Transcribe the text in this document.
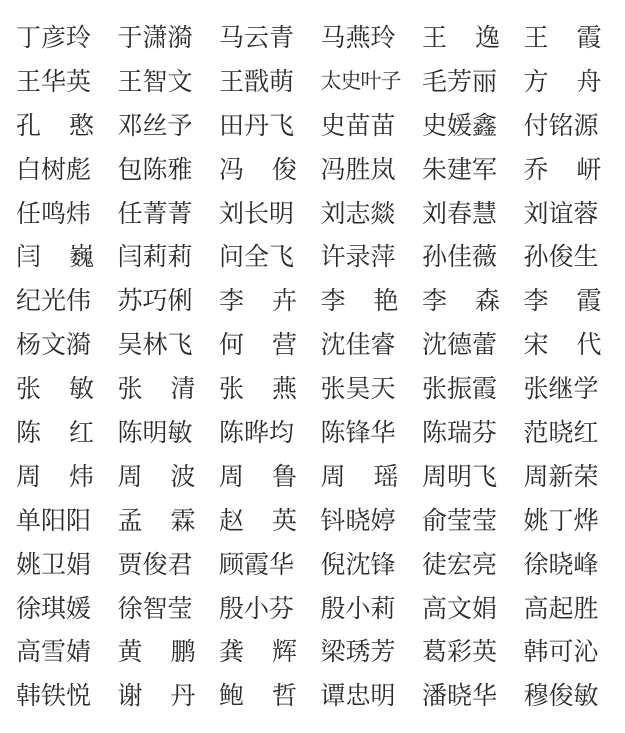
丁彦玲 于潇漪 马云青 马燕玲 王 逸 王 霞
王华英 王智文 王戬萌 太史叶子 毛芳丽 方 舟
孔 憨 邓丝予 田丹飞 史苗苗 史媛鑫 付铭源
白树彪 包陈雅 冯 俊 冯胜岚 朱建军 乔 岍
任鸣炜 任菁菁 刘长明 刘志燚 刘春慧 刘谊蓉
闫 巍 闫莉莉 问全飞 许录萍 孙佳薇 孙俊生
纪光伟 苏巧俐 李 卉 李 艳 李 森 李 霞
杨文漪 吴林飞 何 营 沈佳睿 沈德蕾 宋 代
张 敏 张 清 张 燕 张昊天 张振霞 张继学
陈 红 陈明敏 陈晔均 陈锋华 陈瑞芬 范晓红
周 炜 周 波 周 鲁 周 瑶 周明飞 周新荣
单阳阳 孟 霖 赵 英 钭晓婷 俞莹莹 姚丁烨
姚卫娟 贾俊君 顾霞华 倪沈锋 徒宏亮 徐晓峰
徐琪媛 徐智莹 殷小芬 殷小莉 高文娟 高起胜
高雪婧 黄 鹏 龚 辉 梁琇芳 葛彩英 韩可沁
韩铁悦 谢 丹 鲍 哲 谭忠明 潘晓华 穆俊敏
